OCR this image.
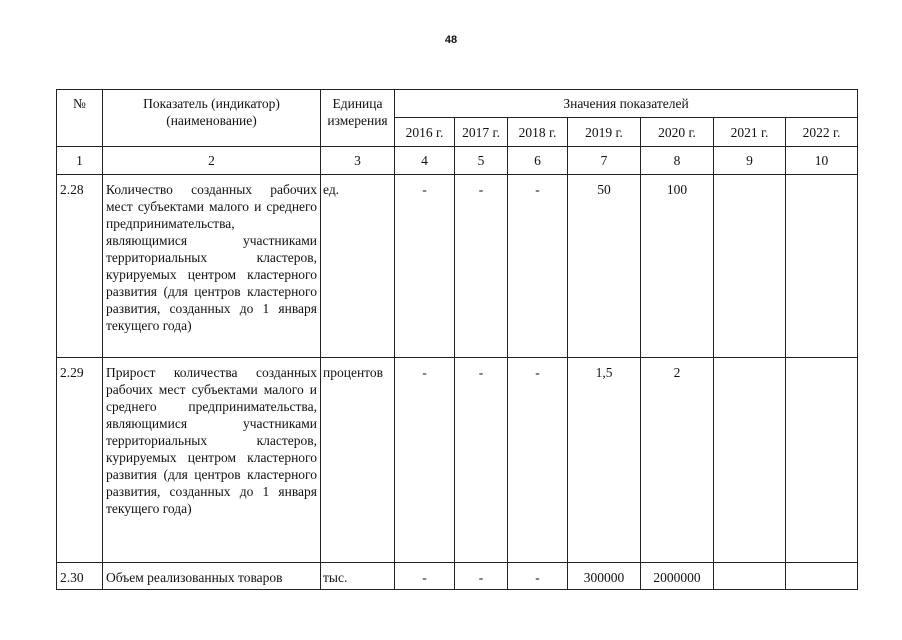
48
№	Показатель (индикатор) (наименование)	Единица измерения	Значения показателей						
			2016 г.	2017 г.	2018 г.	2019 г.	2020 г.	2021 г.	2022 г.
1	2	3	4	5	6	7	8	9	10
2.28	Количество созданных рабочих мест субъектами малого и среднего предпринимательства, являющимися участниками территориальных кластеров, курируемых центром кластерного развития (для центров кластерного развития, созданных до 1 января текущего года)	ед.	-	-	-	50	100		
2.29	Прирост количества созданных рабочих мест субъектами малого и среднего предпринимательства, являющимися участниками территориальных кластеров, курируемых центром кластерного развития (для центров кластерного развития, созданных до 1 января текущего года)	процентов	-	-	-	1,5	2		
2.30	Объем реализованных товаров	тыс.	-	-	-	300000	2000000		
